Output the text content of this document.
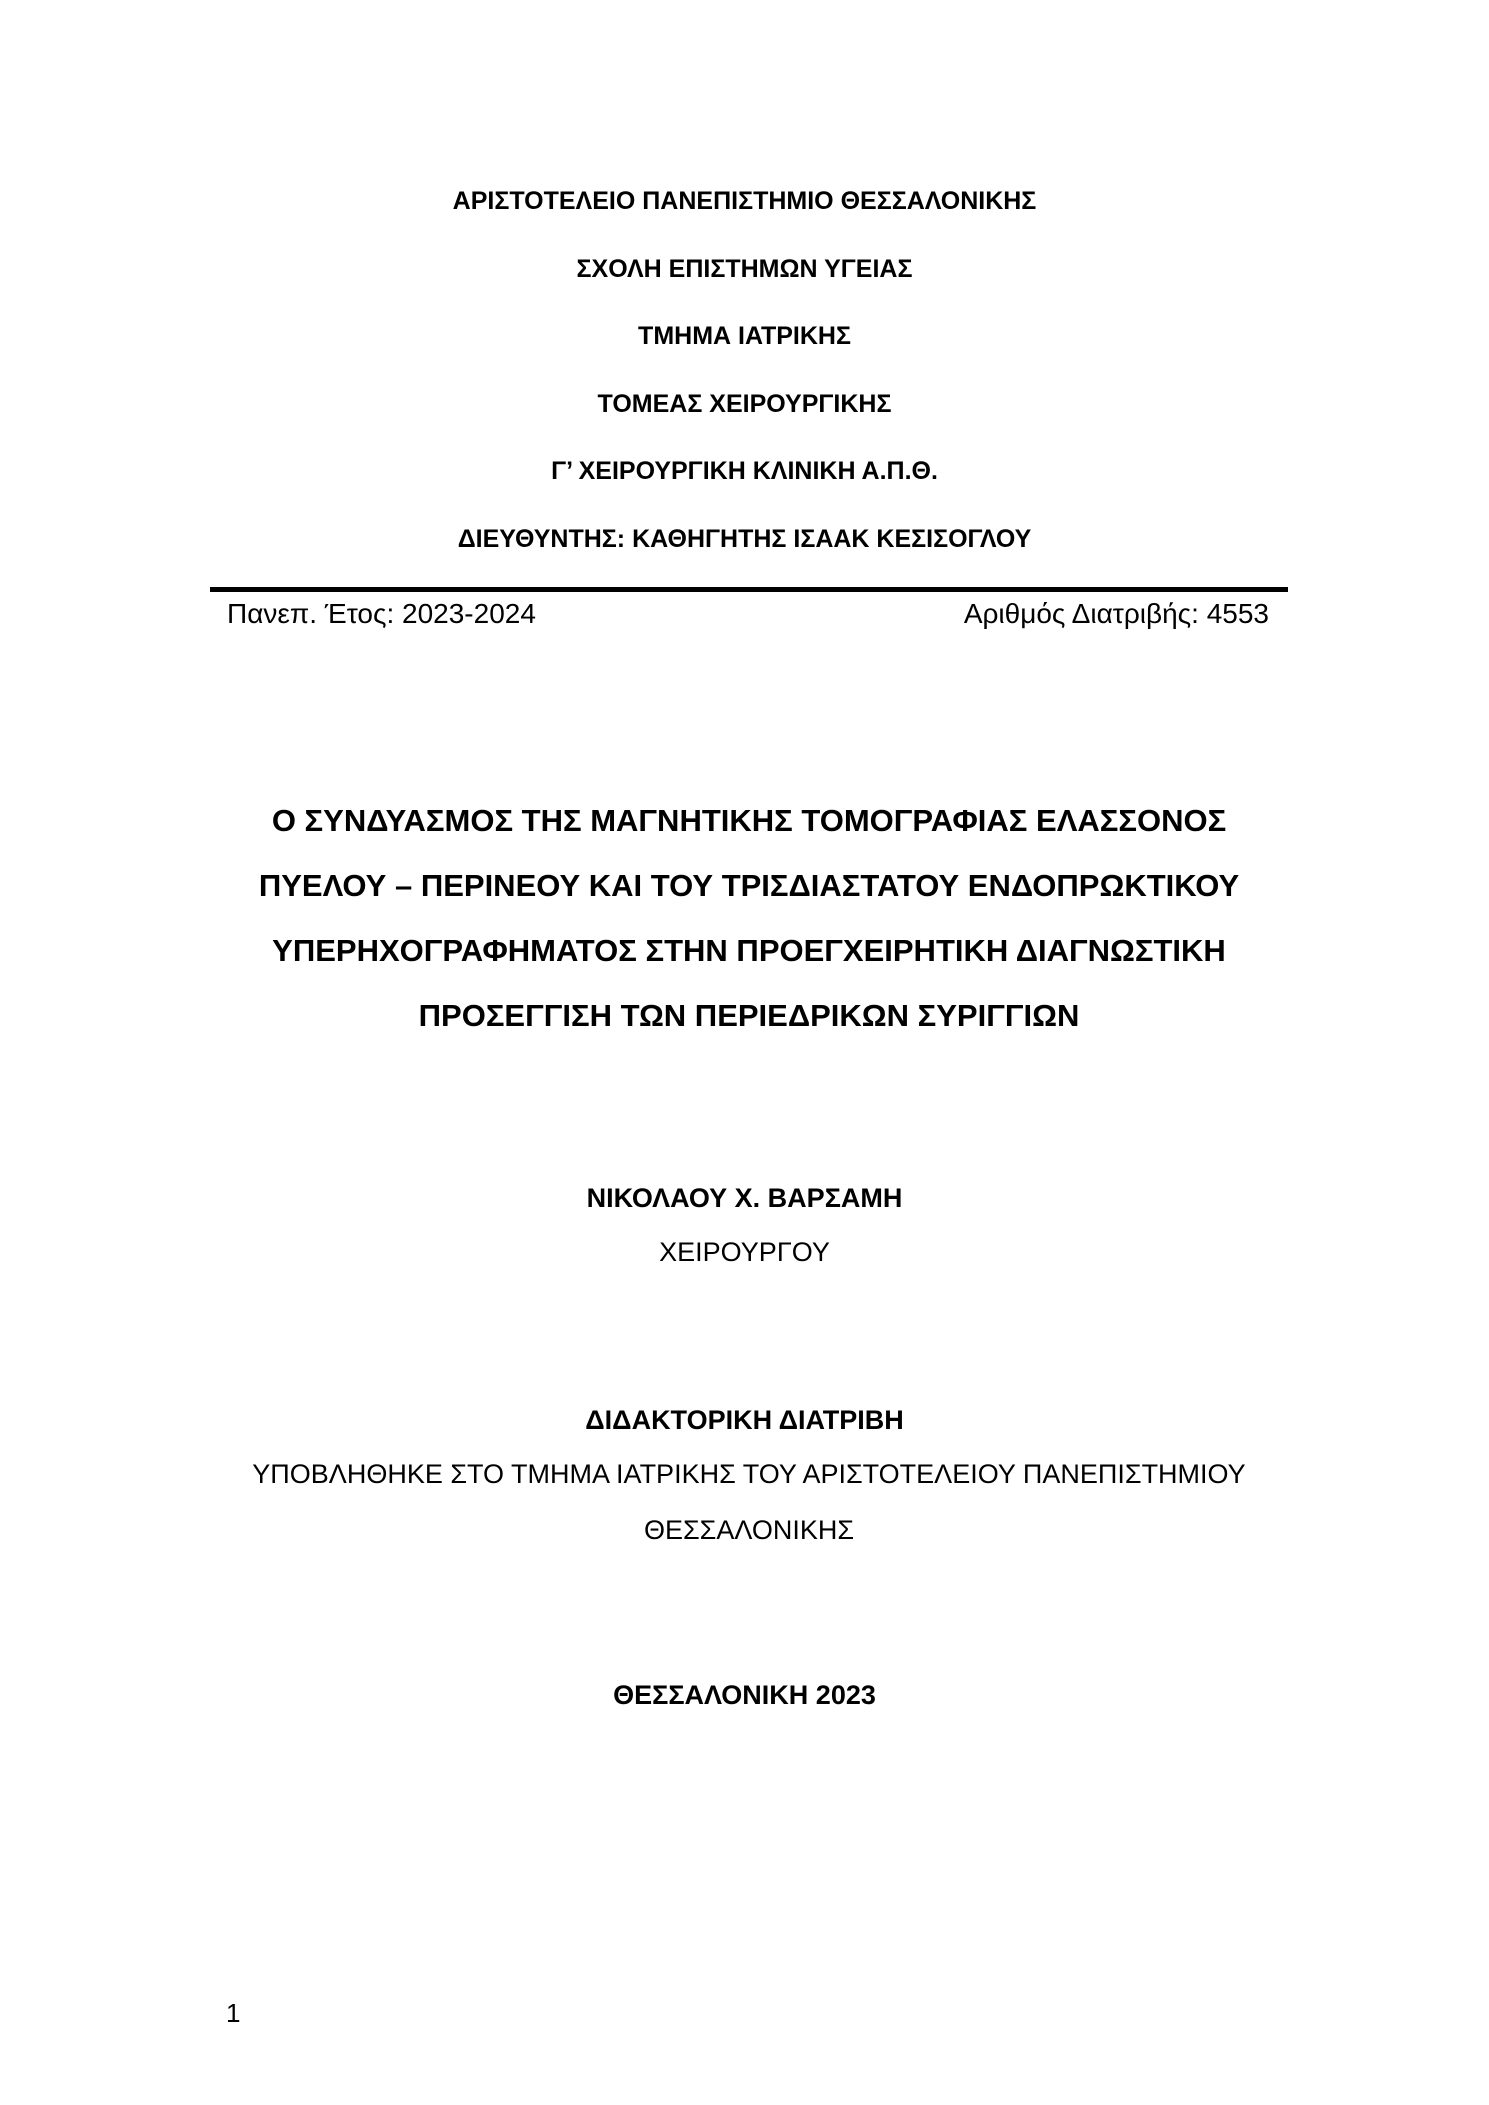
ΑΡΙΣΤΟΤΕΛΕΙΟ ΠΑΝΕΠΙΣΤΗΜΙΟ ΘΕΣΣΑΛΟΝΙΚΗΣ
ΣΧΟΛΗ ΕΠΙΣΤΗΜΩΝ ΥΓΕΙΑΣ
ΤΜΗΜΑ ΙΑΤΡΙΚΗΣ
ΤΟΜΕΑΣ ΧΕΙΡΟΥΡΓΙΚΗΣ
Γ’ ΧΕΙΡΟΥΡΓΙΚΗ ΚΛΙΝΙΚΗ Α.Π.Θ.
ΔΙΕΥΘΥΝΤΗΣ: ΚΑΘΗΓΗΤΗΣ ΙΣΑΑΚ ΚΕΣΙΣΟΓΛΟΥ
Πανεπ. Έτος: 2023-2024	Αριθμός Διατριβής: 4553
Ο ΣΥΝΔΥΑΣΜΟΣ ΤΗΣ ΜΑΓΝΗΤΙΚΗΣ ΤΟΜΟΓΡΑΦΙΑΣ ΕΛΑΣΣΟΝΟΣ
ΠΥΕΛΟΥ – ΠΕΡΙΝΕΟΥ ΚΑΙ ΤΟΥ ΤΡΙΣΔΙΑΣΤΑΤΟΥ ΕΝΔΟΠΡΩΚΤΙΚΟΥ
ΥΠΕΡΗΧΟΓΡΑΦΗΜΑΤΟΣ ΣΤΗΝ ΠΡΟΕΓΧΕΙΡΗΤΙΚΗ ΔΙΑΓΝΩΣΤΙΚΗ
ΠΡΟΣΕΓΓΙΣΗ ΤΩΝ ΠΕΡΙΕΔΡΙΚΩΝ ΣΥΡΙΓΓΙΩΝ
ΝΙΚΟΛΑΟΥ Χ. ΒΑΡΣΑΜΗ
ΧΕΙΡΟΥΡΓΟΥ
ΔΙΔΑΚΤΟΡΙΚΗ ΔΙΑΤΡΙΒΗ
ΥΠΟΒΛΗΘΗΚΕ ΣΤΟ ΤΜΗΜΑ ΙΑΤΡΙΚΗΣ ΤΟΥ ΑΡΙΣΤΟΤΕΛΕΙΟΥ ΠΑΝΕΠΙΣΤΗΜΙΟΥ
ΘΕΣΣΑΛΟΝΙΚΗΣ
ΘΕΣΣΑΛΟΝΙΚΗ 2023
1
